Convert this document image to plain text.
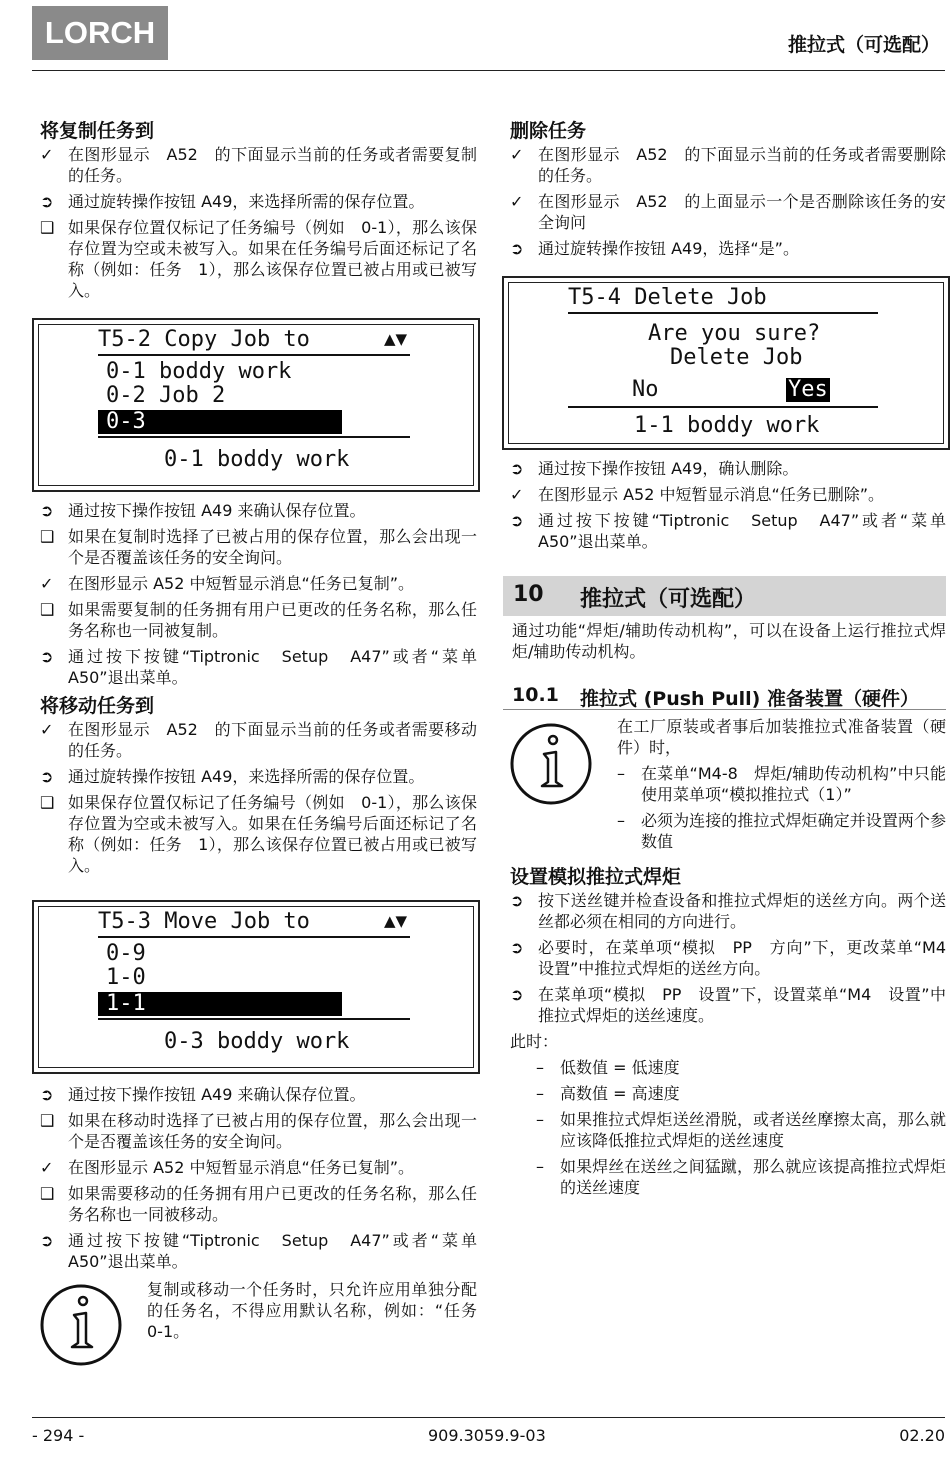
LORCH	推拉式（可选配）
将复制任务到
✓ 在图形显示　A52　的下面显示当前的任务或者需要复制的任务。
➲ 通过旋转操作按钮 A49，来选择所需的保存位置。
❑ 如果保存位置仅标记了任务编号（例如　0-1），那么该保存位置为空或未被写入。如果在任务编号后面还标记了名称（例如：任务　1），那么该保存位置已被占用或已被写入。
T5-2 Copy Job to	▲▼
0-1 boddy work
0-2 Job 2
0-3
0-1 boddy work
➲ 通过按下操作按钮 A49 来确认保存位置。
❑ 如果在复制时选择了已被占用的保存位置，那么会出现一个是否覆盖该任务的安全询问。
✓ 在图形显示 A52 中短暂显示消息“任务已复制”。
❑ 如果需要复制的任务拥有用户已更改的任务名称，那么任务名称也一同被复制。
➲ 通过按下按键“Tiptronic　Setup　A47”或者“菜单 A50”退出菜单。
将移动任务到
✓ 在图形显示　A52　的下面显示当前的任务或者需要移动的任务。
➲ 通过旋转操作按钮 A49，来选择所需的保存位置。
❑ 如果保存位置仅标记了任务编号（例如　0-1），那么该保存位置为空或未被写入。如果在任务编号后面还标记了名称（例如：任务　1），那么该保存位置已被占用或已被写入。
T5-3 Move Job to	▲▼
0-9
1-0
1-1
0-3 boddy work
➲ 通过按下操作按钮 A49 来确认保存位置。
❑ 如果在移动时选择了已被占用的保存位置，那么会出现一个是否覆盖该任务的安全询问。
✓ 在图形显示 A52 中短暂显示消息“任务已复制”。
❑ 如果需要移动的任务拥有用户已更改的任务名称，那么任务名称也一同被移动。
➲ 通过按下按键“Tiptronic　Setup　A47”或者“菜单 A50”退出菜单。
复制或移动一个任务时，只允许应用单独分配的任务名，不得应用默认名称，例如：“任务 0-1。
删除任务
✓ 在图形显示　A52　的下面显示当前的任务或者需要删除的任务。
✓ 在图形显示　A52　的上面显示一个是否删除该任务的安全询问
➲ 通过旋转操作按钮 A49，选择“是”。
T5-4 Delete Job
Are you sure?
Delete Job
No	Yes
1-1 boddy work
➲ 通过按下操作按钮 A49，确认删除。
✓ 在图形显示 A52 中短暂显示消息“任务已删除”。
➲ 通过按下按键“Tiptronic　Setup　A47”或者“菜单 A50”退出菜单。
10 推拉式（可选配）
通过功能“焊炬/辅助传动机构”，可以在设备上运行推拉式焊炬/辅助传动机构。
10.1 推拉式 (Push Pull) 准备装置（硬件）
在工厂原装或者事后加装推拉式准备装置（硬件）时，
– 在菜单“M4-8　焊炬/辅助传动机构”中只能使用菜单项“模拟推拉式（1）”
– 必须为连接的推拉式焊炬确定并设置两个参数值
设置模拟推拉式焊炬
➲ 按下送丝键并检查设备和推拉式焊炬的送丝方向。两个送丝都必须在相同的方向进行。
➲ 必要时，在菜单项“模拟　PP　方向”下，更改菜单“M4 设置”中推拉式焊炬的送丝方向。
➲ 在菜单项“模拟　PP　设置”下，设置菜单“M4　设置”中推拉式焊炬的送丝速度。
此时：
– 低数值 = 低速度
– 高数值 = 高速度
– 如果推拉式焊炬送丝滑脱，或者送丝摩擦太高，那么就应该降低推拉式焊炬的送丝速度
– 如果焊丝在送丝之间猛蹴，那么就应该提高推拉式焊炬的送丝速度
- 294 -	909.3059.9-03	02.20
